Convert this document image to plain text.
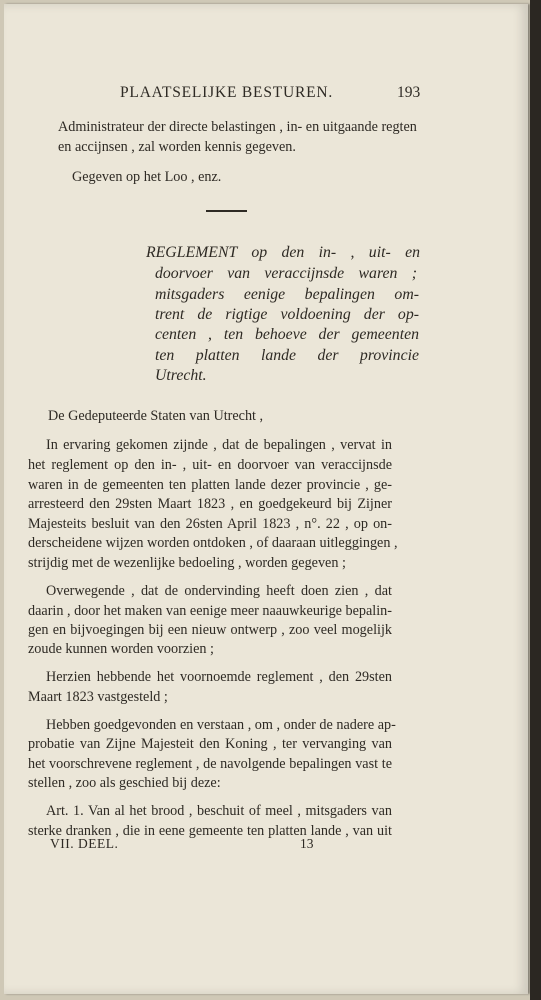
PLAATSELIJKE BESTUREN.	193
Administrateur der directe belastingen , in- en uitgaande regten
en accijnsen , zal worden kennis gegeven.
Gegeven op het Loo , enz.
REGLEMENT op den in- , uit- en
doorvoer van veraccijnsde waren ;
mitsgaders eenige bepalingen om-
trent de rigtige voldoening der op-
centen , ten behoeve der gemeenten
ten platten lande der provincie
Utrecht.
De Gedeputeerde Staten van Utrecht ,
In ervaring gekomen zijnde , dat de bepalingen , vervat in
het reglement op den in- , uit- en doorvoer van veraccijnsde
waren in de gemeenten ten platten lande dezer provincie , ge-
arresteerd den 29sten Maart 1823 , en goedgekeurd bij Zijner
Majesteits besluit van den 26sten April 1823 , n°. 22 , op on-
derscheidene wijzen worden ontdoken , of daaraan uitleggingen ,
strijdig met de wezenlijke bedoeling , worden gegeven ;
Overwegende , dat de ondervinding heeft doen zien , dat
daarin , door het maken van eenige meer naauwkeurige bepalin-
gen en bijvoegingen bij een nieuw ontwerp , zoo veel mogelijk
zoude kunnen worden voorzien ;
Herzien hebbende het voornoemde reglement , den 29sten
Maart 1823 vastgesteld ;
Hebben goedgevonden en verstaan , om , onder de nadere ap-
probatie van Zijne Majesteit den Koning , ter vervanging van
het voorschrevene reglement , de navolgende bepalingen vast te
stellen , zoo als geschied bij deze:
Art. 1. Van al het brood , beschuit of meel , mitsgaders van
sterke dranken , die in eene gemeente ten platten lande , van uit
VII. DEEL.	13
